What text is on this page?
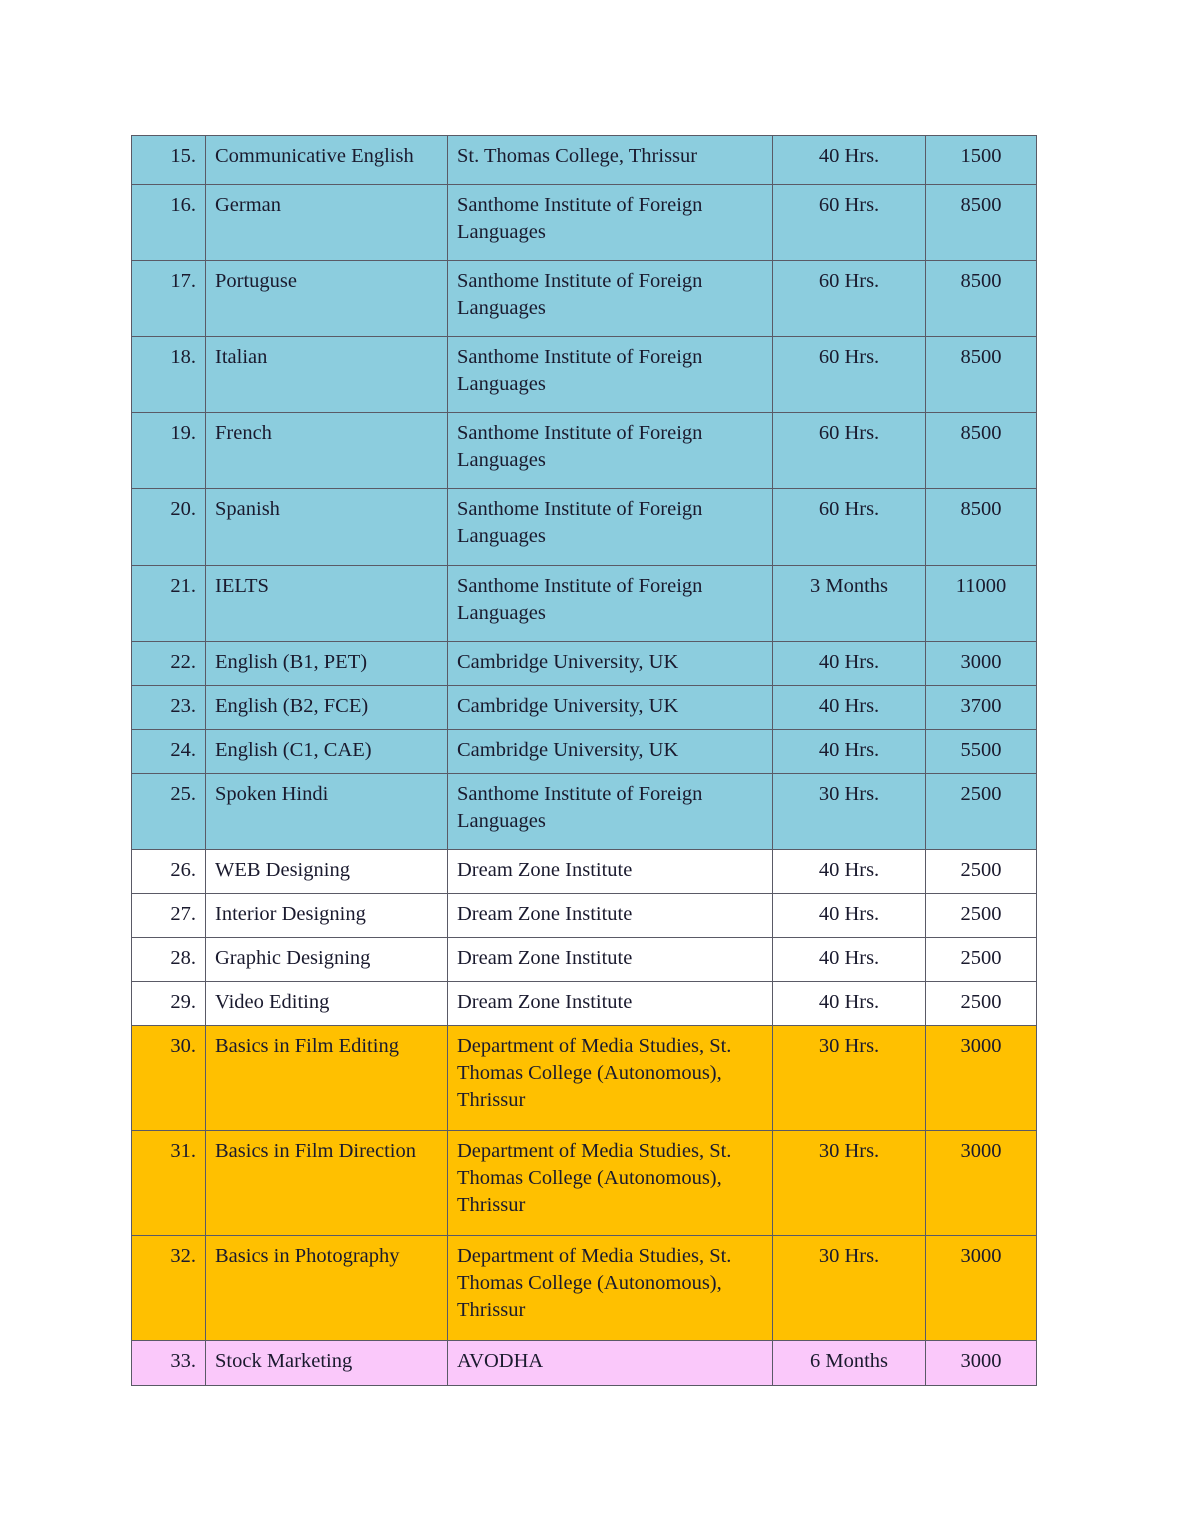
15.	Communicative English	St. Thomas College, Thrissur	40 Hrs.	1500
16.	German	Santhome Institute of Foreign Languages	60 Hrs.	8500
17.	Portuguse	Santhome Institute of Foreign Languages	60 Hrs.	8500
18.	Italian	Santhome Institute of Foreign Languages	60 Hrs.	8500
19.	French	Santhome Institute of Foreign Languages	60 Hrs.	8500
20.	Spanish	Santhome Institute of Foreign Languages	60 Hrs.	8500
21.	IELTS	Santhome Institute of Foreign Languages	3 Months	11000
22.	English (B1, PET)	Cambridge University, UK	40 Hrs.	3000
23.	English (B2, FCE)	Cambridge University, UK	40 Hrs.	3700
24.	English (C1, CAE)	Cambridge University, UK	40 Hrs.	5500
25.	Spoken Hindi	Santhome Institute of Foreign Languages	30 Hrs.	2500
26.	WEB Designing	Dream Zone Institute	40 Hrs.	2500
27.	Interior Designing	Dream Zone Institute	40 Hrs.	2500
28.	Graphic Designing	Dream Zone Institute	40 Hrs.	2500
29.	Video Editing	Dream Zone Institute	40 Hrs.	2500
30.	Basics in Film Editing	Department of Media Studies, St. Thomas College (Autonomous), Thrissur	30 Hrs.	3000
31.	Basics in Film Direction	Department of Media Studies, St. Thomas College (Autonomous), Thrissur	30 Hrs.	3000
32.	Basics in Photography	Department of Media Studies, St. Thomas College (Autonomous), Thrissur	30 Hrs.	3000
33.	Stock Marketing	AVODHA	6 Months	3000
